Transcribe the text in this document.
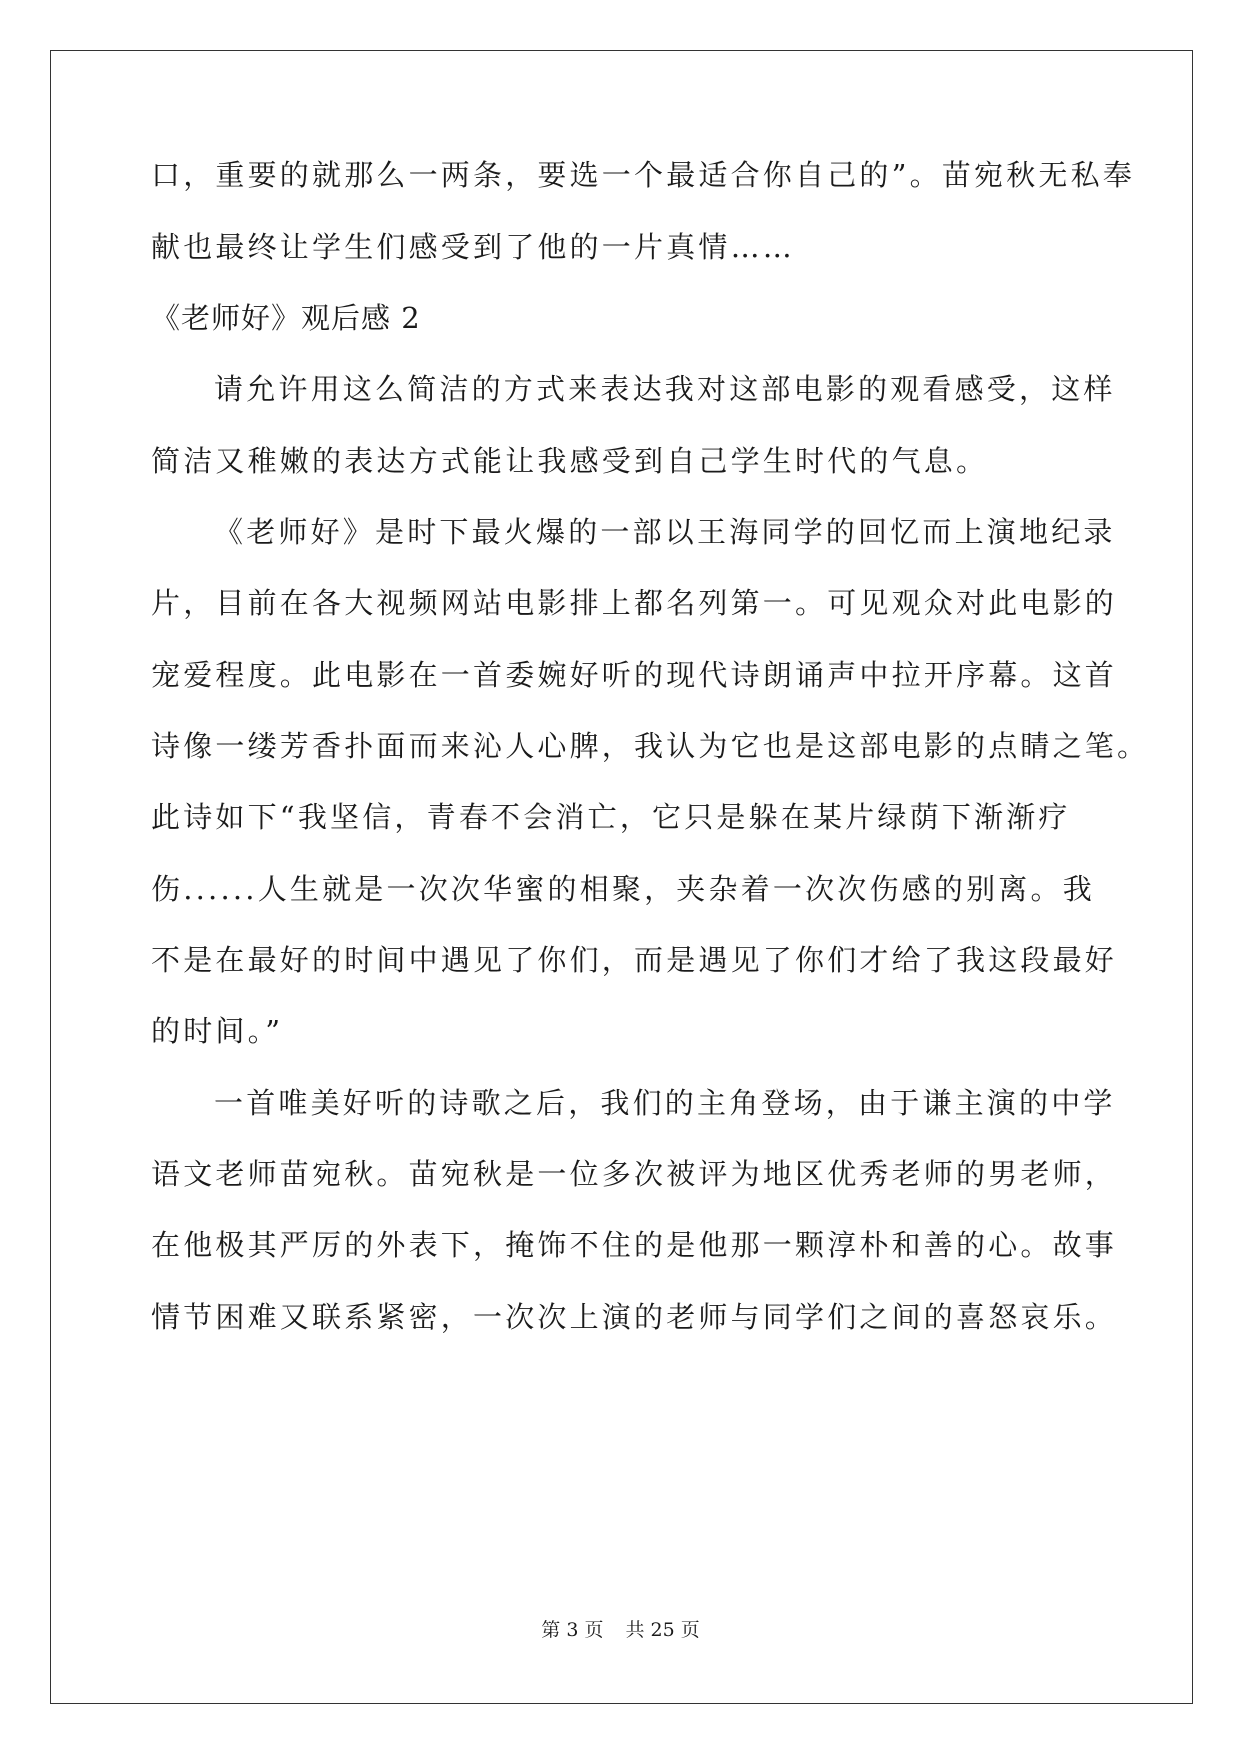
口，重要的就那么一两条，要选一个最适合你自己的”。苗宛秋无私奉

献也最终让学生们感受到了他的一片真情……

《老师好》观后感 2

请允许用这么简洁的方式来表达我对这部电影的观看感受，这样

简洁又稚嫩的表达方式能让我感受到自己学生时代的气息。

《老师好》是时下最火爆的一部以王海同学的回忆而上演地纪录

片，目前在各大视频网站电影排上都名列第一。可见观众对此电影的

宠爱程度。此电影在一首委婉好听的现代诗朗诵声中拉开序幕。这首

诗像一缕芳香扑面而来沁人心脾，我认为它也是这部电影的点睛之笔。

此诗如下“我坚信，青春不会消亡，它只是躲在某片绿荫下渐渐疗

伤......人生就是一次次华蜜的相聚，夹杂着一次次伤感的别离。我

不是在最好的时间中遇见了你们，而是遇见了你们才给了我这段最好

的时间。”

一首唯美好听的诗歌之后，我们的主角登场，由于谦主演的中学

语文老师苗宛秋。苗宛秋是一位多次被评为地区优秀老师的男老师，

在他极其严厉的外表下，掩饰不住的是他那一颗淳朴和善的心。故事

情节困难又联系紧密，一次次上演的老师与同学们之间的喜怒哀乐。

第 3 页 共 25 页
